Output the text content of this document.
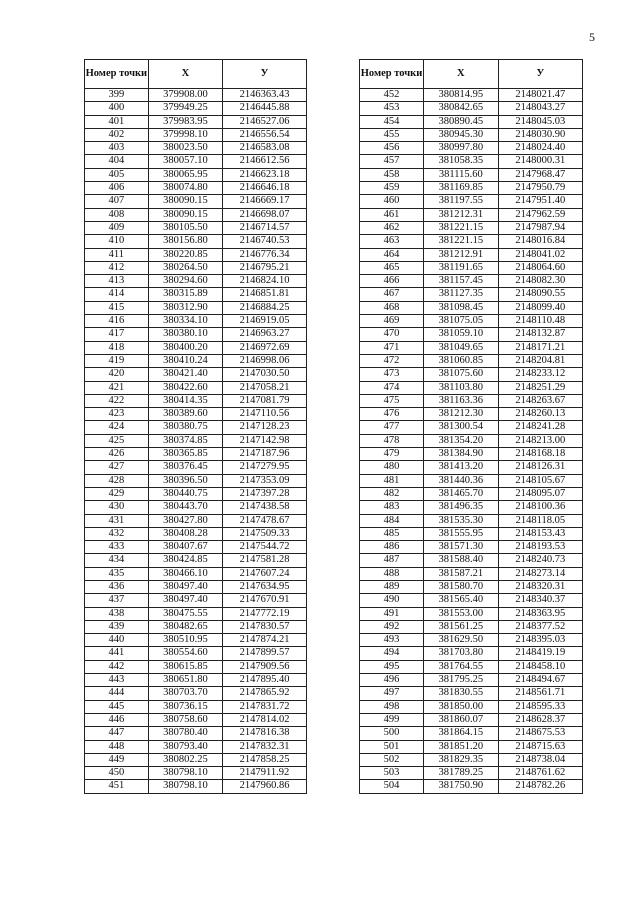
5
Номер точки	X	У
399	379908.00	2146363.43
400	379949.25	2146445.88
401	379983.95	2146527.06
402	379998.10	2146556.54
403	380023.50	2146583.08
404	380057.10	2146612.56
405	380065.95	2146623.18
406	380074.80	2146646.18
407	380090.15	2146669.17
408	380090.15	2146698.07
409	380105.50	2146714.57
410	380156.80	2146740.53
411	380220.85	2146776.34
412	380264.50	2146795.21
413	380294.60	2146824.10
414	380315.89	2146851.81
415	380312.90	2146884.25
416	380334.10	2146919.05
417	380380.10	2146963.27
418	380400.20	2146972.69
419	380410.24	2146998.06
420	380421.40	2147030.50
421	380422.60	2147058.21
422	380414.35	2147081.79
423	380389.60	2147110.56
424	380380.75	2147128.23
425	380374.85	2147142.98
426	380365.85	2147187.96
427	380376.45	2147279.95
428	380396.50	2147353.09
429	380440.75	2147397.28
430	380443.70	2147438.58
431	380427.80	2147478.67
432	380408.28	2147509.33
433	380407.67	2147544.72
434	380424.85	2147581.28
435	380466.10	2147607.24
436	380497.40	2147634.95
437	380497.40	2147670.91
438	380475.55	2147772.19
439	380482.65	2147830.57
440	380510.95	2147874.21
441	380554.60	2147899.57
442	380615.85	2147909.56
443	380651.80	2147895.40
444	380703.70	2147865.92
445	380736.15	2147831.72
446	380758.60	2147814.02
447	380780.40	2147816.38
448	380793.40	2147832.31
449	380802.25	2147858.25
450	380798.10	2147911.92
451	380798.10	2147960.86
Номер точки	X	У
452	380814.95	2148021.47
453	380842.65	2148043.27
454	380890.45	2148045.03
455	380945.30	2148030.90
456	380997.80	2148024.40
457	381058.35	2148000.31
458	381115.60	2147968.47
459	381169.85	2147950.79
460	381197.55	2147951.40
461	381212.31	2147962.59
462	381221.15	2147987.94
463	381221.15	2148016.84
464	381212.91	2148041.02
465	381191.65	2148064.60
466	381157.45	2148082.30
467	381127.35	2148090.55
468	381098.45	2148099.40
469	381075.05	2148110.48
470	381059.10	2148132.87
471	381049.65	2148171.21
472	381060.85	2148204.81
473	381075.60	2148233.12
474	381103.80	2148251.29
475	381163.36	2148263.67
476	381212.30	2148260.13
477	381300.54	2148241.28
478	381354.20	2148213.00
479	381384.90	2148168.18
480	381413.20	2148126.31
481	381440.36	2148105.67
482	381465.70	2148095.07
483	381496.35	2148100.36
484	381535.30	2148118.05
485	381555.95	2148153.43
486	381571.30	2148193.53
487	381588.40	2148240.73
488	381587.21	2148273.14
489	381580.70	2148320.31
490	381565.40	2148340.37
491	381553.00	2148363.95
492	381561.25	2148377.52
493	381629.50	2148395.03
494	381703.80	2148419.19
495	381764.55	2148458.10
496	381795.25	2148494.67
497	381830.55	2148561.71
498	381850.00	2148595.33
499	381860.07	2148628.37
500	381864.15	2148675.53
501	381851.20	2148715.63
502	381829.35	2148738.04
503	381789.25	2148761.62
504	381750.90	2148782.26
